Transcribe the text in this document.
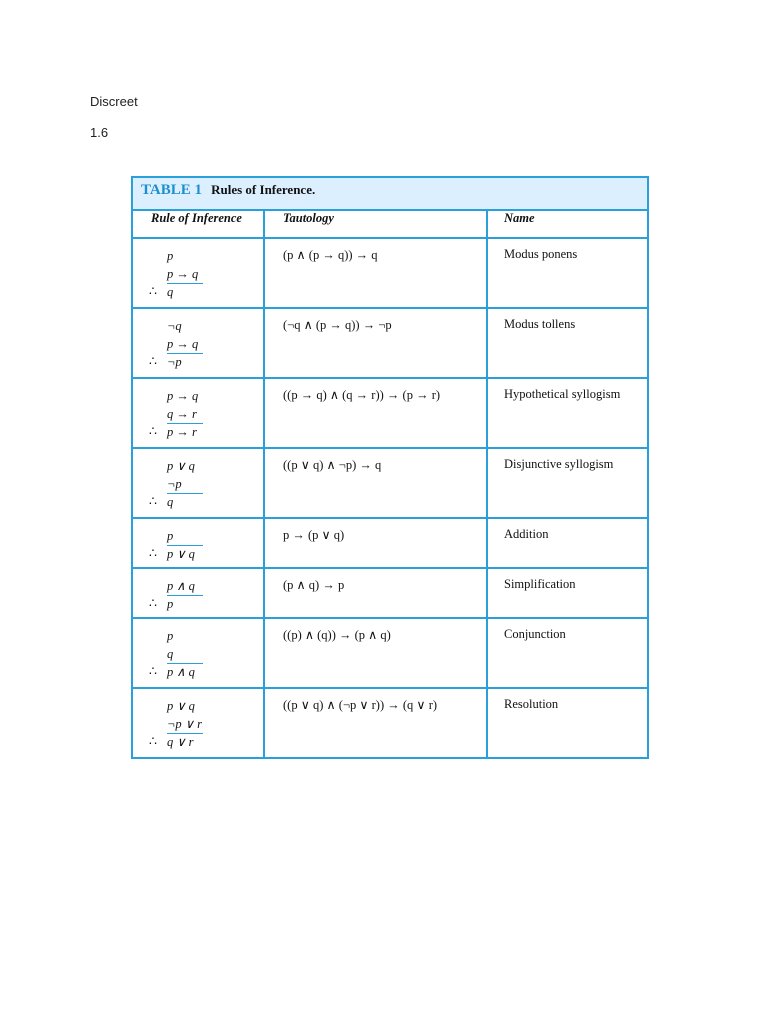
Discreet
1.6
TABLE 1 Rules of Inference.		
Rule of Inference	Tautology	Name

p
p → q
∴ q	(p ∧ (p → q)) → q	Modus ponens

¬q
p → q
∴ ¬p	(¬q ∧ (p → q)) → ¬p	Modus tollens

p → q
q → r
∴ p → r	((p → q) ∧ (q → r)) → (p → r)	Hypothetical syllogism

p ∨ q
¬p
∴ q	((p ∨ q) ∧ ¬p) → q	Disjunctive syllogism

p
∴ p ∨ q	p → (p ∨ q)	Addition

p ∧ q
∴ p	(p ∧ q) → p	Simplification

p
q
∴ p ∧ q	((p) ∧ (q)) → (p ∧ q)	Conjunction

p ∨ q
¬p ∨ r
∴ q ∨ r	((p ∨ q) ∧ (¬p ∨ r)) → (q ∨ r)	Resolution
